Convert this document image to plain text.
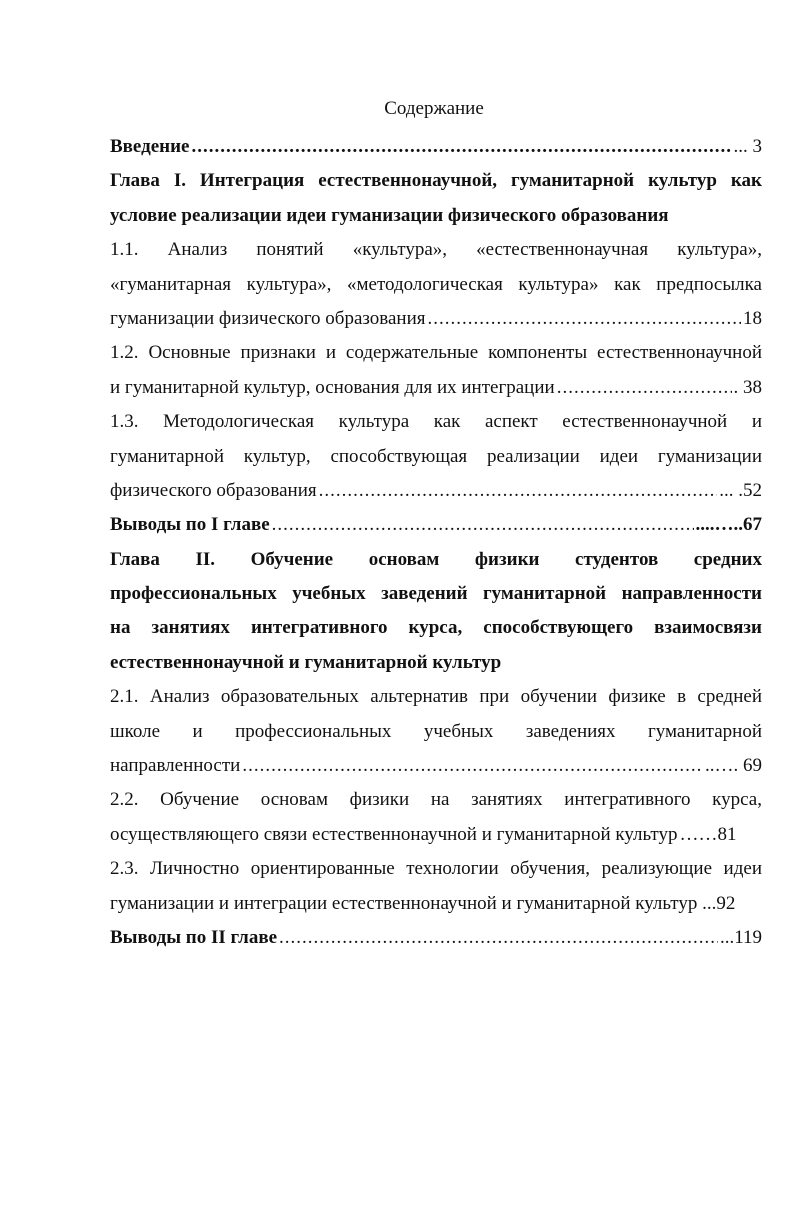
Содержание
Введение .....	... 3
Глава I. Интеграция естественнонаучной, гуманитарной культур как
условие реализации идеи гуманизации физического образования
1.1. Анализ понятий «культура», «естественнонаучная культура»,
«гуманитарная культура», «методологическая культура» как предпосылка
гуманизации физического образования .....	18
1.2. Основные признаки и содержательные компоненты естественнонаучной
и гуманитарной культур, основания для их интеграции .....	. 38
1.3. Методологическая культура как аспект естественнонаучной и
гуманитарной культур, способствующая реализации идеи гуманизации
физического образования .....	... .52
Выводы по I главе .....	....…..67
Глава II. Обучение основам физики студентов средних
профессиональных учебных заведений гуманитарной направленности
на занятиях интегративного курса, способствующего взаимосвязи
естественнонаучной и гуманитарной культур
2.1. Анализ образовательных альтернатив при обучении физике в средней
школе и профессиональных учебных заведениях гуманитарной
направленности .....	..…. 69
2.2. Обучение основам физики на занятиях интегративного курса,
осуществляющего связи естественнонаучной и гуманитарной культур ……81
2.3. Личностно ориентированные технологии обучения, реализующие идеи
гуманизации и интеграции естественнонаучной и гуманитарной культур ...92
Выводы по II главе .....	...119
